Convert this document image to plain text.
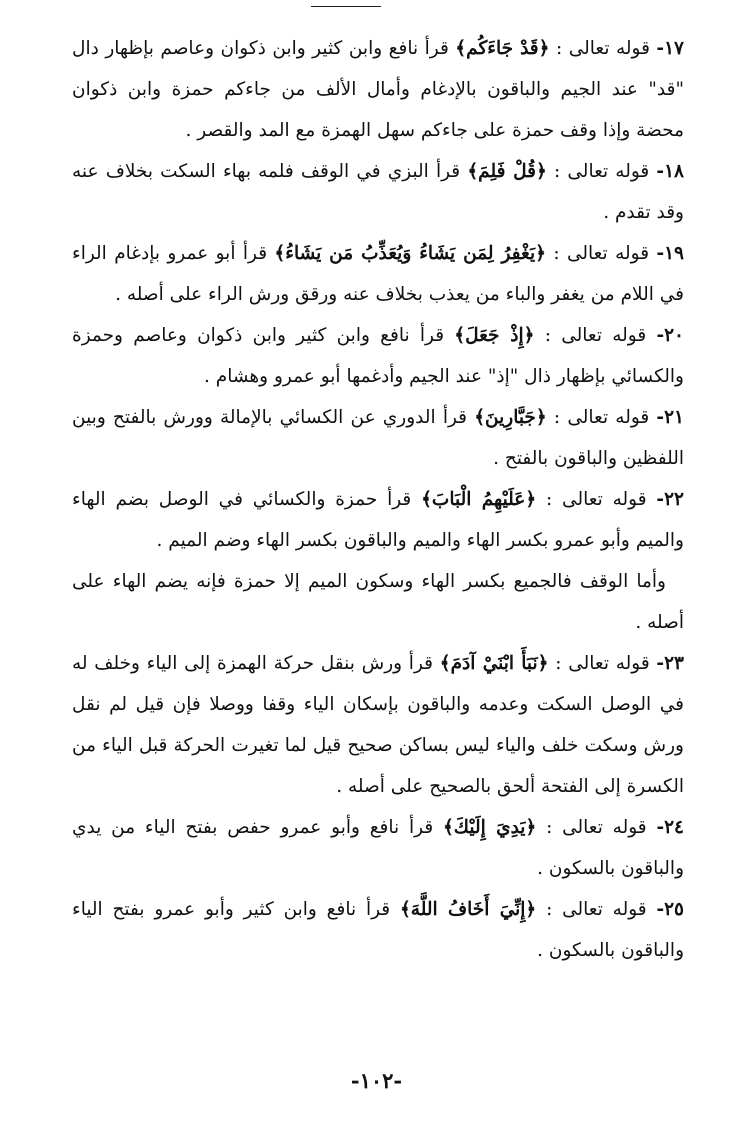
١٧- قوله تعالى : ﴿قَدْ جَاءَكُم﴾ قرأ نافع وابن كثير وابن ذكوان وعاصم بإظهار دال "قد" عند الجيم والباقون بالإدغام وأمال الألف من جاءكم حمزة وابن ذكوان محضة وإذا وقف حمزة على جاءكم سهل الهمزة مع المد والقصر .

١٨- قوله تعالى : ﴿قُلْ فَلِمَ﴾ قرأ البزي في الوقف فلمه بهاء السكت بخلاف عنه وقد تقدم .

١٩- قوله تعالى : ﴿يَغْفِرُ لِمَن يَشَاءُ وَيُعَذِّبُ مَن يَشَاءُ﴾ قرأ أبو عمرو بإدغام الراء في اللام من يغفر والباء من يعذب بخلاف عنه ورقق ورش الراء على أصله .

٢٠- قوله تعالى : ﴿إِذْ جَعَلَ﴾ قرأ نافع وابن كثير وابن ذكوان وعاصم وحمزة والكسائي بإظهار ذال "إذ" عند الجيم وأدغمها أبو عمرو وهشام .

٢١- قوله تعالى : ﴿جَبَّارِينَ﴾ قرأ الدوري عن الكسائي بالإمالة وورش بالفتح وبين اللفظين والباقون بالفتح .

٢٢- قوله تعالى : ﴿عَلَيْهِمُ الْبَابَ﴾ قرأ حمزة والكسائي في الوصل بضم الهاء والميم وأبو عمرو بكسر الهاء والميم والباقون بكسر الهاء وضم الميم .

وأما الوقف فالجميع بكسر الهاء وسكون الميم إلا حمزة فإنه يضم الهاء على أصله .

٢٣- قوله تعالى : ﴿نَبَأَ ابْنَيْ آدَمَ﴾ قرأ ورش بنقل حركة الهمزة إلى الياء وخلف له في الوصل السكت وعدمه والباقون بإسكان الياء وقفا ووصلا فإن قيل لم نقل ورش وسكت خلف والياء ليس بساكن صحيح قيل لما تغيرت الحركة قبل الياء من الكسرة إلى الفتحة ألحق بالصحيح على أصله .

٢٤- قوله تعالى : ﴿يَدِيَ إِلَيْكَ﴾ قرأ نافع وأبو عمرو حفص بفتح الياء من يدي والباقون بالسكون .

٢٥- قوله تعالى : ﴿إِنِّيَ أَخَافُ اللَّهَ﴾ قرأ نافع وابن كثير وأبو عمرو بفتح الياء والباقون بالسكون .

-١٠٢-
